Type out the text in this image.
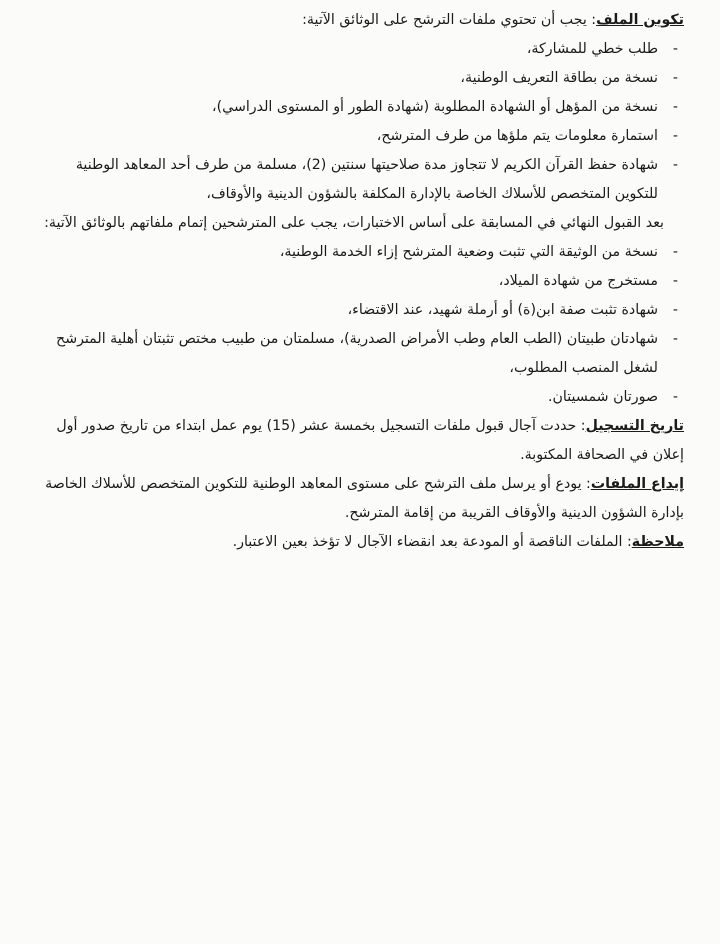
تكوين الملف: يجب أن تحتوي ملفات الترشح على الوثائق الآتية:

- طلب خطي للمشاركة،
- نسخة من بطاقة التعريف الوطنية،
- نسخة من المؤهل أو الشهادة المطلوبة (شهادة الطور أو المستوى الدراسي)،
- استمارة معلومات يتم ملؤها من طرف المترشح،
- شهادة حفظ القرآن الكريم لا تتجاوز مدة صلاحيتها سنتين (2)، مسلمة من طرف أحد المعاهد الوطنية للتكوين المتخصص للأسلاك الخاصة بالإدارة المكلفة بالشؤون الدينية والأوقاف،

بعد القبول النهائي في المسابقة على أساس الاختبارات، يجب على المترشحين إتمام ملفاتهم بالوثائق الآتية:

- نسخة من الوثيقة التي تثبت وضعية المترشح إزاء الخدمة الوطنية،
- مستخرج من شهادة الميلاد،
- شهادة تثبت صفة ابن(ة) أو أرملة شهيد، عند الاقتضاء،
- شهادتان طبيتان (الطب العام وطب الأمراض الصدرية)، مسلمتان من طبيب مختص تثبتان أهلية المترشح لشغل المنصب المطلوب،
- صورتان شمسيتان.

تاريخ التسجيل: حددت آجال قبول ملفات التسجيل بخمسة عشر (15) يوم عمل ابتداء من تاريخ صدور أول إعلان في الصحافة المكتوبة.

إيداع الملفات: يودع أو يرسل ملف الترشح على مستوى المعاهد الوطنية للتكوين المتخصص للأسلاك الخاصة بإدارة الشؤون الدينية والأوقاف القريبة من إقامة المترشح.

ملاحظة: الملفات الناقصة أو المودعة بعد انقضاء الآجال لا تؤخذ بعين الاعتبار.
